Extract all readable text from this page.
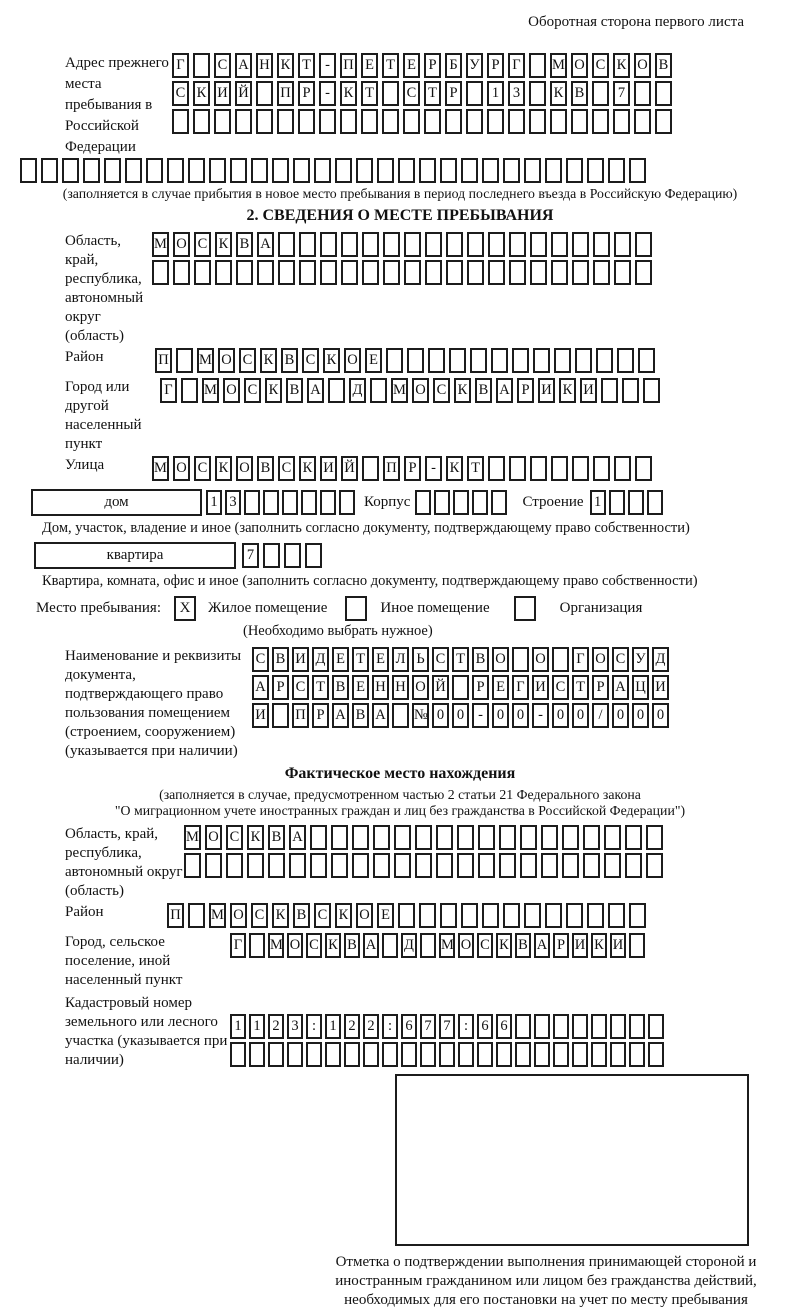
Оборотная сторона первого листа
Адрес прежнего места пребывания в Российской Федерации
Г С А Н К Т - П Е Т Е Р Б У Р Г М О С К О В
С К И Й П Р	- К Т С Т Р	1 3	К В	7
(заполняется в случае прибытия в новое место пребывания в период последнего въезда в Российскую Федерацию)
2. СВЕДЕНИЯ О МЕСТЕ ПРЕБЫВАНИЯ
Область, край, республика, автономный округ (область)
М О С К В А
Район	П М О С К В С К О Е
Город или другой населенный пункт
Г М О С К В А Д М О С К В А Р И К И
Улица	М О С К О В С К И Й П Р	- К Т
дом	1 3	Корпус	Строение 1
Дом, участок, владение и иное (заполнить согласно документу, подтверждающему право собственности)
квартира	7
Квартира, комната, офис и иное (заполнить согласно документу, подтверждающему право собственности)
Место пребывания:	X	Жилое помещение	Иное помещение	Организация
(Необходимо выбрать нужное)
Наименование и реквизиты документа, подтверждающего право пользования помещением (строением, сооружением) (указывается при наличии)
С В И Д Е Т Е Л Ь С Т В О О Г О С У Д
А Р С Т В Е Н Н О Й	Р Е Г И С Т Р А Ц И
И П Р А В А № 0 0 - 0 0 - 0 0 / 0 0 0
Фактическое место нахождения
(заполняется в случае, предусмотренном частью 2 статьи 21 Федерального закона
"О миграционном учете иностранных граждан и лиц без гражданства в Российской Федерации")
Область, край, республика, автономный округ (область)
М О С К В А
Район	П М О С К В С К О Е
Город, сельское поселение, иной населенный пункт
Г М О С К В А Д М О С К В А Р И К И
Кадастровый номер земельного или лесного участка (указывается при наличии)
1 1 2 3 : 1 2 2 : 6 7 7 : 6 6
Отметка о подтверждении выполнения принимающей стороной и иностранным гражданином или лицом без гражданства действий, необходимых для его постановки на учет по месту пребывания
